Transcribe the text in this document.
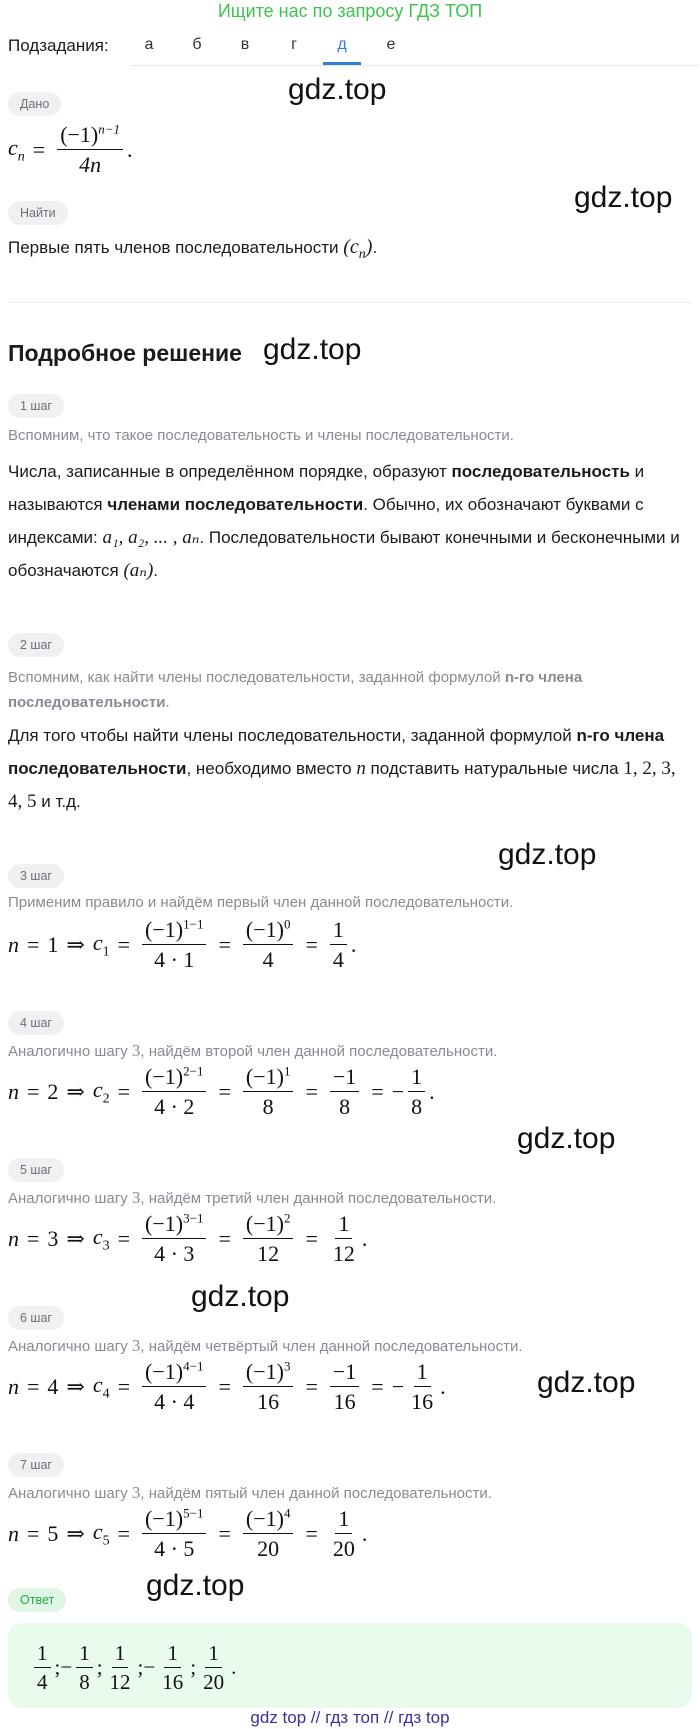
Ищите нас по запросу ГДЗ ТОП
Подзадания:	а	б	в	г	д	е
gdz.top
gdz.top
gdz.top
gdz.top
gdz.top
gdz.top
gdz.top
gdz.top
Дано
$c_n = \frac{(-1)^{n-1}}{4n}$ .
Найти
Первые пять членов последовательности $(c_n)$.
Подробное решение
1 шаг
Вспомним, что такое последовательность и члены последовательности.
Числа, записанные в определённом порядке, образуют последовательность и называются членами последовательности. Обычно, их обозначают буквами с индексами: a₁, a₂, ... , aₙ. Последовательности бывают конечными и бесконечными и обозначаются (aₙ).
2 шаг
Вспомним, как найти члены последовательности, заданной формулой n-го члена последовательности.
Для того чтобы найти члены последовательности, заданной формулой n-го члена последовательности, необходимо вместо n подставить натуральные числа 1, 2, 3, 4, 5 и т.д.
3 шаг
Применим правило и найдём первый член данной последовательности.
n = 1 ⇒ $c_1 = \frac{(-1)^{1-1}}{4 \cdot 1} = \frac{(-1)^0}{4} = \frac{1}{4}$ .
4 шаг
Аналогично шагу 3, найдём второй член данной последовательности.
n = 2 ⇒ $c_2 = \frac{(-1)^{2-1}}{4 \cdot 2} = \frac{(-1)^1}{8} = \frac{-1}{8}$ = − $\frac{1}{8}$ .
5 шаг
Аналогично шагу 3, найдём третий член данной последовательности.
n = 3 ⇒ $c_3 = \frac{(-1)^{3-1}}{4 \cdot 3} = \frac{(-1)^2}{12} = \frac{1}{12}$ .
6 шаг
Аналогично шагу 3, найдём четвёртый член данной последовательности.
n = 4 ⇒ $c_4 = \frac{(-1)^{4-1}}{4 \cdot 4} = \frac{(-1)^3}{16} = \frac{-1}{16}$ = − $\frac{1}{16}$ .
7 шаг
Аналогично шагу 3, найдём пятый член данной последовательности.
n = 5 ⇒ $c_5 = \frac{(-1)^{5-1}}{4 \cdot 5} = \frac{(-1)^4}{20} = \frac{1}{20}$ .
Ответ
$\frac{1}{4}$ ; − $\frac{1}{8}$ ; $\frac{1}{12}$ ; − $\frac{1}{16}$ ; $\frac{1}{20}$ .
gdz top // гдз топ // гдз top
